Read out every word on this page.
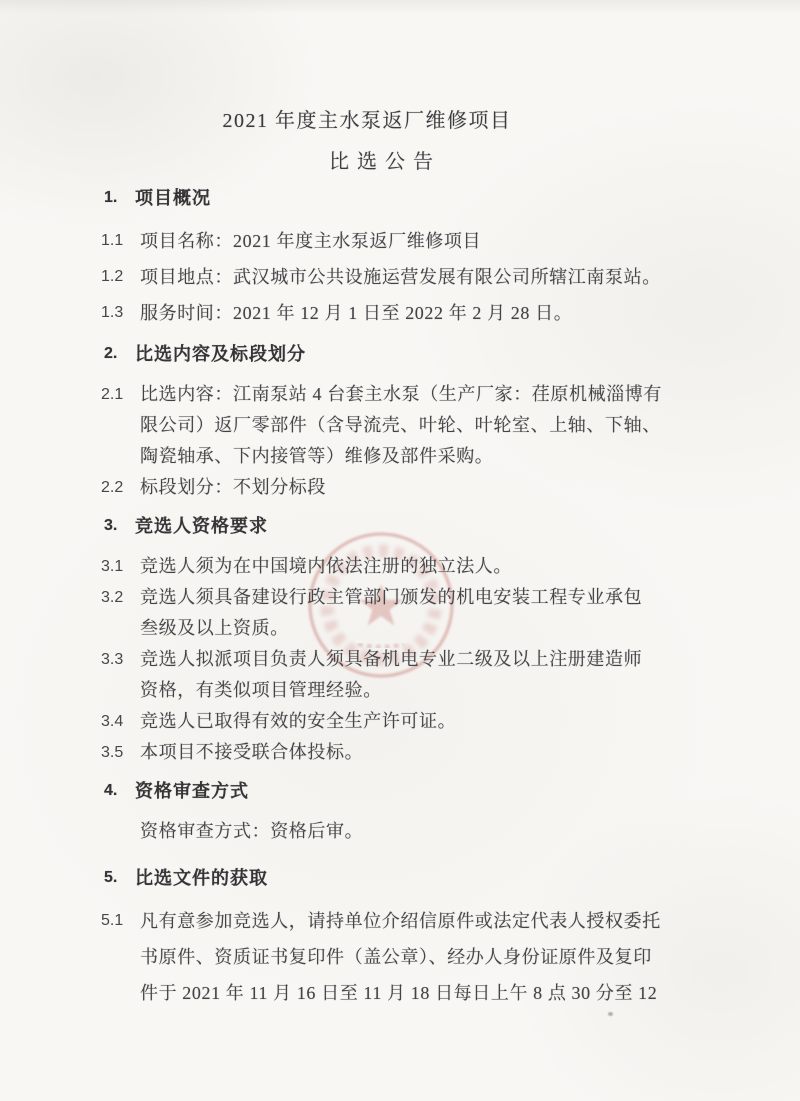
2021 年度主水泵返厂维修项目
比选公告
1. 项目概况
1.1 项目名称：2021 年度主水泵返厂维修项目
1.2 项目地点：武汉城市公共设施运营发展有限公司所辖江南泵站。
1.3 服务时间：2021 年 12 月 1 日至 2022 年 2 月 28 日。
2. 比选内容及标段划分
2.1 比选内容：江南泵站 4 台套主水泵（生产厂家：荏原机械淄博有
限公司）返厂零部件（含导流壳、叶轮、叶轮室、上轴、下轴、
陶瓷轴承、下内接管等）维修及部件采购。
2.2 标段划分：不划分标段
3. 竞选人资格要求
3.1 竞选人须为在中国境内依法注册的独立法人。
3.2 竞选人须具备建设行政主管部门颁发的机电安装工程专业承包
叁级及以上资质。
3.3 竞选人拟派项目负责人须具备机电专业二级及以上注册建造师
资格，有类似项目管理经验。
3.4 竞选人已取得有效的安全生产许可证。
3.5 本项目不接受联合体投标。
4. 资格审查方式
资格审查方式：资格后审。
5. 比选文件的获取
5.1 凡有意参加竞选人，请持单位介绍信原件或法定代表人授权委托
书原件、资质证书复印件（盖公章）、经办人身份证原件及复印
件于 2021 年 11 月 16 日至 11 月 18 日每日上午 8 点 30 分至 12
